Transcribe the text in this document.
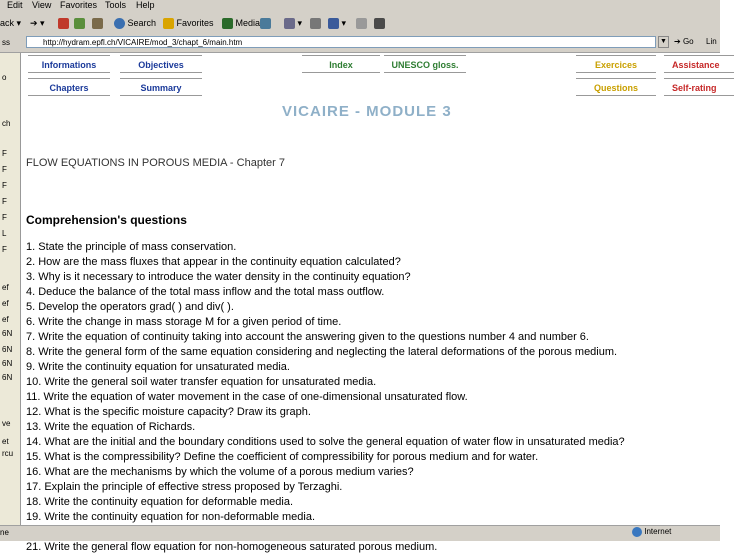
Edit View Favorites Tools Help
ack ▾ ➔ ▾	Search	Favorites	Media	▾	▾
ss	http://hydram.epfl.ch/VICAIRE/mod_3/chapt_6/main.htm	▼ ➔ Go Lin
o
ch
F
F
F
F
F
L
F
ef
ef
ef
6N
6N
6N
6N
ve
et
rcu
Informations	Objectives	Index	UNESCO gloss.	Exercices	Assistance
Chapters	Summary	Questions	Self-rating
VICAIRE - MODULE 3
FLOW EQUATIONS IN POROUS MEDIA - Chapter 7
Comprehension's questions
1. State the principle of mass conservation.
2. How are the mass fluxes that appear in the continuity equation calculated?
3. Why is it necessary to introduce the water density in the continuity equation?
4. Deduce the balance of the total mass inflow and the total mass outflow.
5. Develop the operators grad( ) and div( ).
6. Write the change in mass storage M for a given period of time.
7. Write the equation of continuity taking into account the answering given to the questions number 4 and number 6.
8. Write the general form of the same equation considering and neglecting the lateral deformations of the porous medium.
9. Write the continuity equation for unsaturated media.
10. Write the general soil water transfer equation for unsaturated media.
11. Write the equation of water movement in the case of one-dimensional unsaturated flow.
12. What is the specific moisture capacity? Draw its graph.
13. Write the equation of Richards.
14. What are the initial and the boundary conditions used to solve the general equation of water flow in unsaturated media?
15. What is the compressibility? Define the coefficient of compressibility for porous medium and for water.
16. What are the mechanisms by which the volume of a porous medium varies?
17. Explain the principle of effective stress proposed by Terzaghi.
18. Write the continuity equation for deformable media.
19. Write the continuity equation for non-deformable media.
21. Write the general flow equation for non-homogeneous saturated porous medium.
ne	Internet
